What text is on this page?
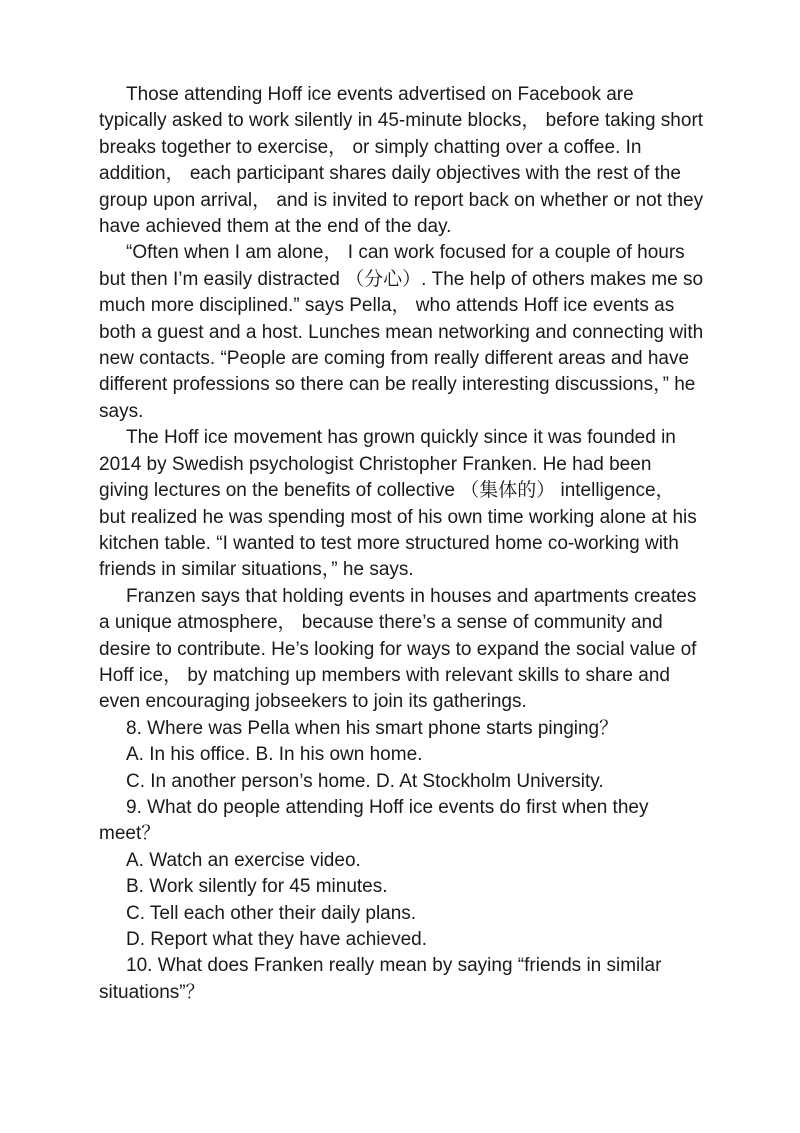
Those attending Hoff ice events advertised on Facebook are typically asked to work silently in 45-minute blocks， before taking short breaks together to exercise， or simply chatting over a coffee. In addition， each participant shares daily objectives with the rest of the group upon arrival， and is invited to report back on whether or not they have achieved them at the end of the day.

“Often when I am alone， I can work focused for a couple of hours but then I’m easily distracted （分心）. The help of others makes me so much more disciplined.” says Pella， who attends Hoff ice events as both a guest and a host. Lunches mean networking and connecting with new contacts. “People are coming from really different areas and have different professions so there can be really interesting discussions，” he says.

The Hoff ice movement has grown quickly since it was founded in 2014 by Swedish psychologist Christopher Franken. He had been giving lectures on the benefits of collective （集体的） intelligence， but realized he was spending most of his own time working alone at his kitchen table. “I wanted to test more structured home co-working with friends in similar situations，” he says.

Franzen says that holding events in houses and apartments creates a unique atmosphere， because there’s a sense of community and desire to contribute. He’s looking for ways to expand the social value of Hoff ice， by matching up members with relevant skills to share and even encouraging jobseekers to join its gatherings.

8. Where was Pella when his smart phone starts pinging？

A. In his office. B. In his own home.

C. In another person’s home. D. At Stockholm University.

9. What do people attending Hoff ice events do first when they meet？

A. Watch an exercise video.

B. Work silently for 45 minutes.

C. Tell each other their daily plans.

D. Report what they have achieved.

10. What does Franken really mean by saying “friends in similar situations”？
